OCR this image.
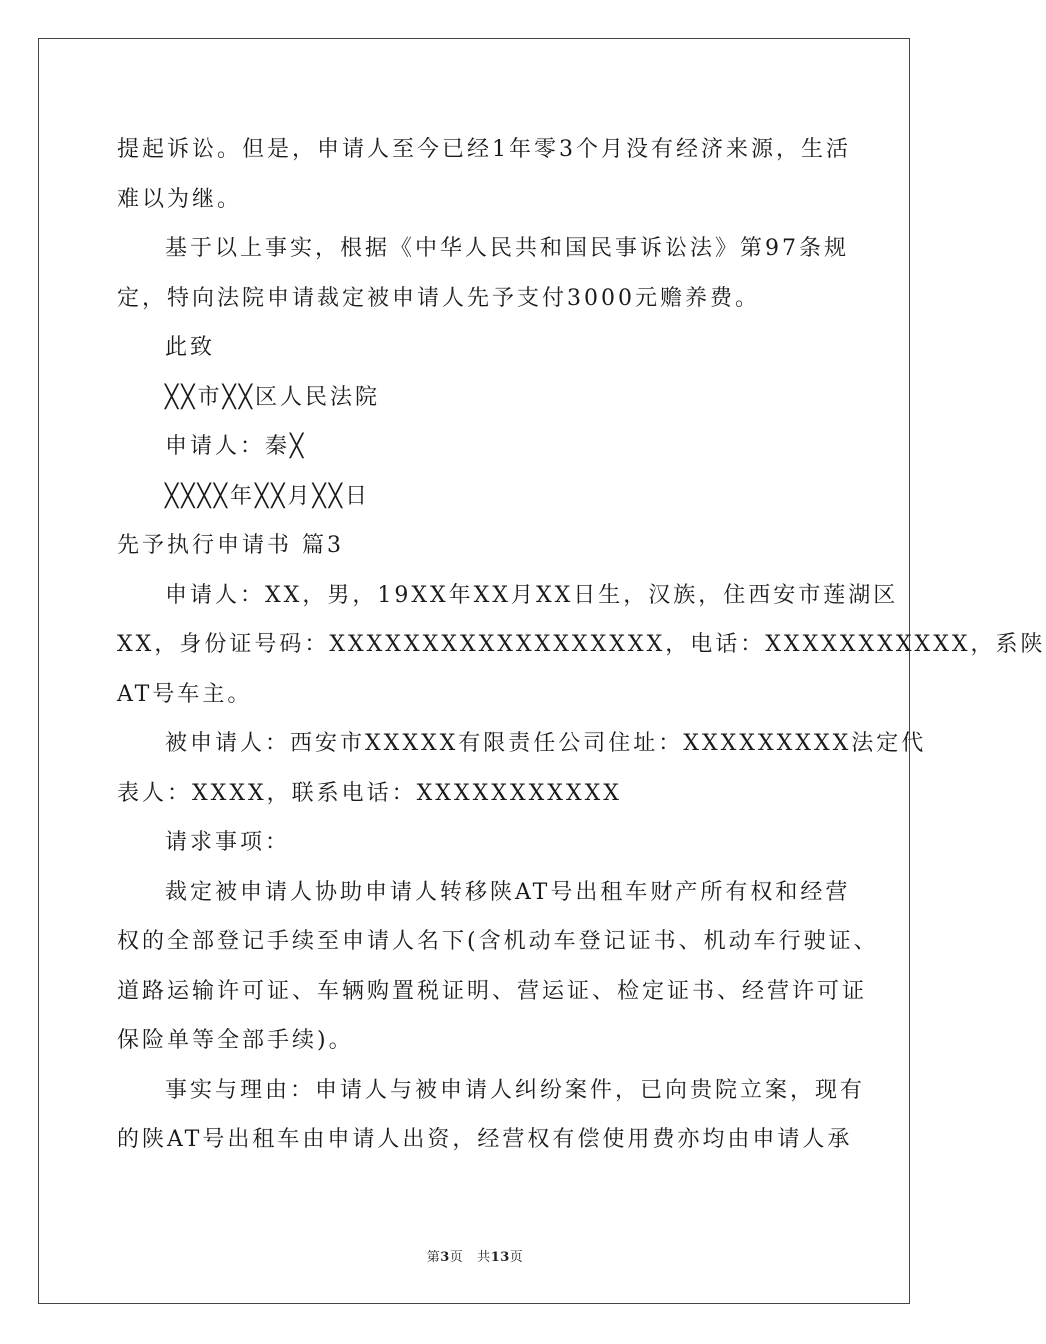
提起诉讼。但是，申请人至今已经1年零3个月没有经济来源，生活
难以为继。
基于以上事实，根据《中华人民共和国民事诉讼法》第97条规
定，特向法院申请裁定被申请人先予支付3000元赡养费。
此致
╳╳市╳╳区人民法院
申请人：秦╳
╳╳╳╳年╳╳月╳╳日
先予执行申请书 篇3
申请人：XX，男，19XX年XX月XX日生，汉族，住西安市莲湖区
XX，身份证号码：XXXXXXXXXXXXXXXXXX，电话：XXXXXXXXXXX，系陕
AT号车主。
被申请人：西安市XXXXX有限责任公司住址：XXXXXXXXX法定代
表人：XXXX，联系电话：XXXXXXXXXXX
请求事项：
裁定被申请人协助申请人转移陕AT号出租车财产所有权和经营
权的全部登记手续至申请人名下(含机动车登记证书、机动车行驶证、
道路运输许可证、车辆购置税证明、营运证、检定证书、经营许可证
保险单等全部手续)。
事实与理由：申请人与被申请人纠纷案件，已向贵院立案，现有
的陕AT号出租车由申请人出资，经营权有偿使用费亦均由申请人承
第3页 共13页
